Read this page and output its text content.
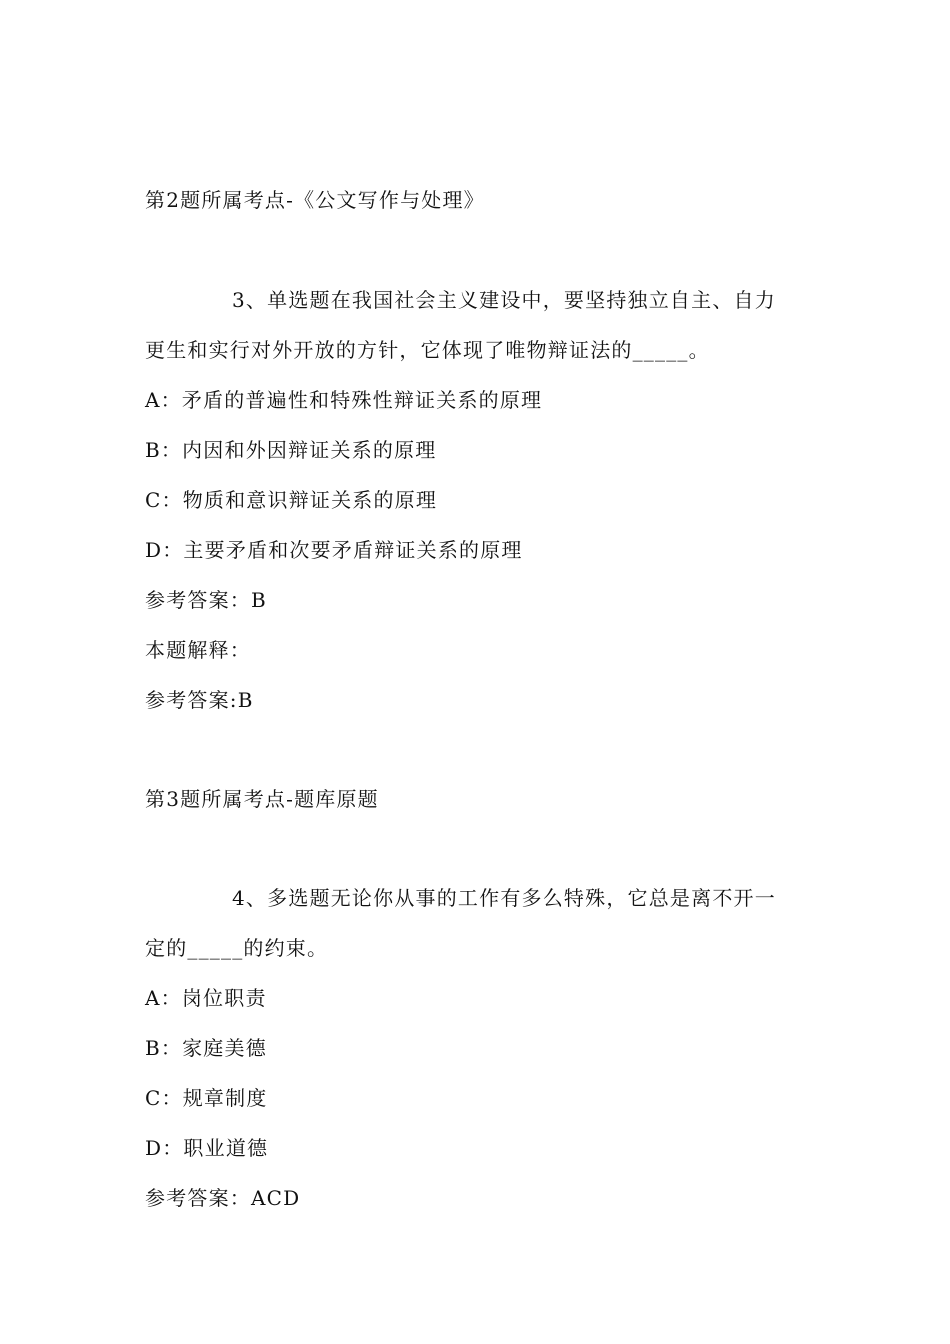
第2题所属考点-《公文写作与处理》
3、单选题在我国社会主义建设中，要坚持独立自主、自力
更生和实行对外开放的方针，它体现了唯物辩证法的_____。
A：矛盾的普遍性和特殊性辩证关系的原理
B：内因和外因辩证关系的原理
C：物质和意识辩证关系的原理
D：主要矛盾和次要矛盾辩证关系的原理
参考答案：B
本题解释：
参考答案:B
第3题所属考点-题库原题
4、多选题无论你从事的工作有多么特殊，它总是离不开一
定的_____的约束。
A：岗位职责
B：家庭美德
C：规章制度
D：职业道德
参考答案：ACD
